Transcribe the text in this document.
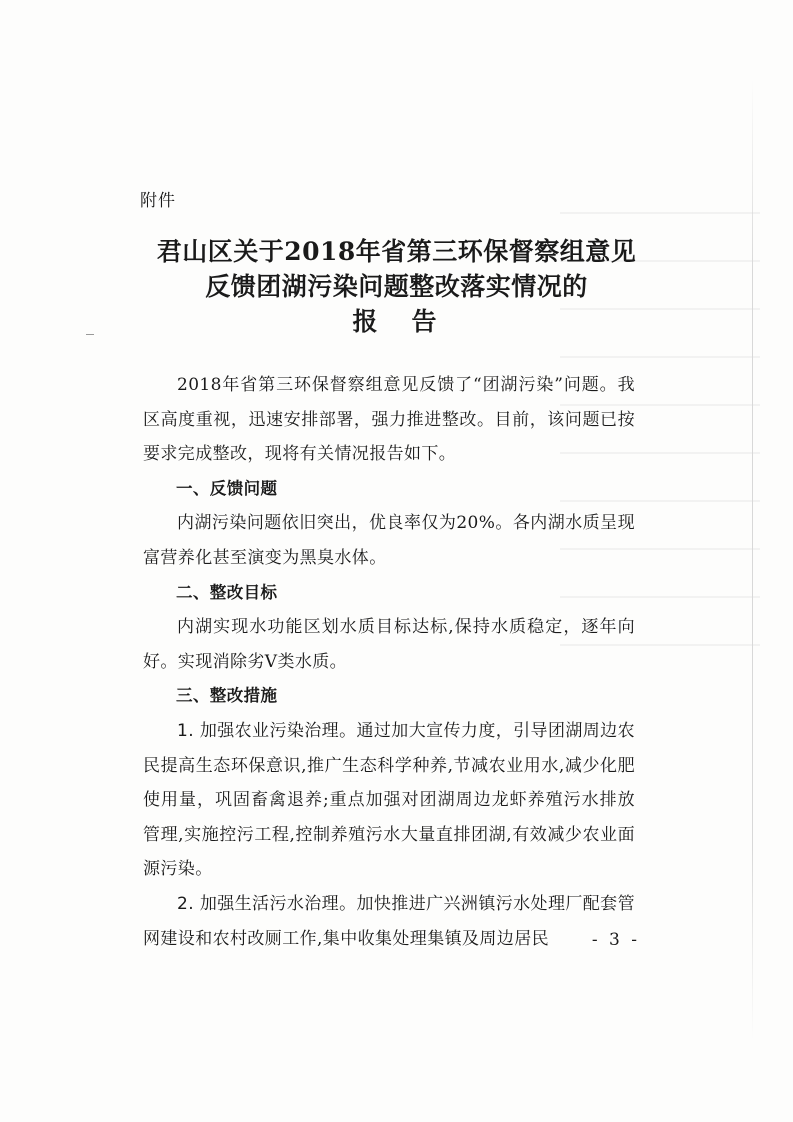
附件
君山区关于2018年省第三环保督察组意见
反馈团湖污染问题整改落实情况的
报告

2018年省第三环保督察组意见反馈了“团湖污染”问题。我区高度重视，迅速安排部署，强力推进整改。目前，该问题已按要求完成整改，现将有关情况报告如下。

一、反馈问题

内湖污染问题依旧突出，优良率仅为20%。各内湖水质呈现富营养化甚至演变为黑臭水体。

二、整改目标

内湖实现水功能区划水质目标达标,保持水质稳定，逐年向好。实现消除劣V类水质。

三、整改措施

1. 加强农业污染治理。通过加大宣传力度，引导团湖周边农民提高生态环保意识,推广生态科学种养,节减农业用水,减少化肥使用量，巩固畜禽退养;重点加强对团湖周边龙虾养殖污水排放管理,实施控污工程,控制养殖污水大量直排团湖,有效减少农业面源污染。

2. 加强生活污水治理。加快推进广兴洲镇污水处理厂配套管网建设和农村改厕工作,集中收集处理集镇及周边居民	- 3 -
